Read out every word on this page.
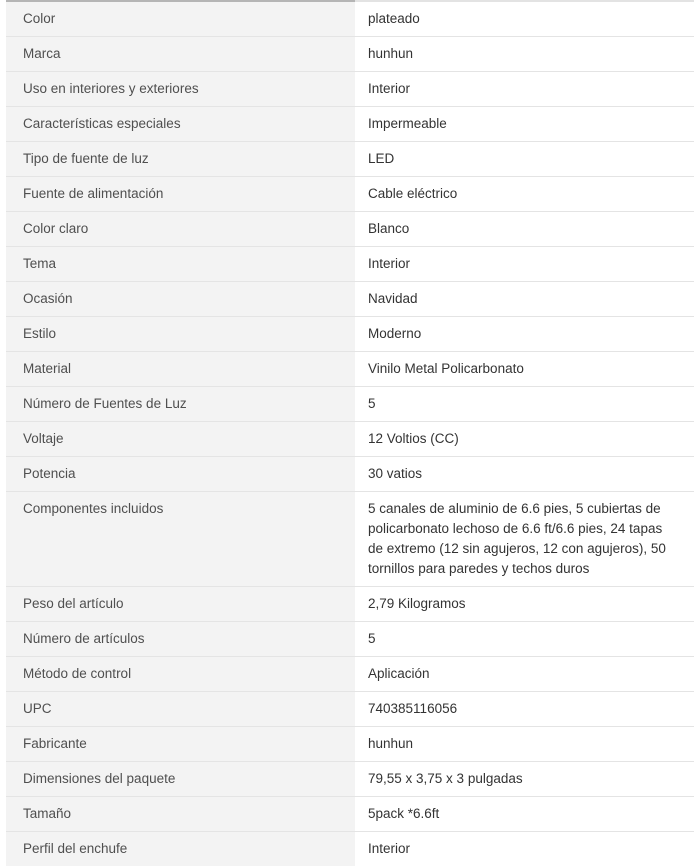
Color	plateado
Marca	hunhun
Uso en interiores y exteriores	Interior
Características especiales	Impermeable
Tipo de fuente de luz	LED
Fuente de alimentación	Cable eléctrico
Color claro	Blanco
Tema	Interior
Ocasión	Navidad
Estilo	Moderno
Material	Vinilo Metal Policarbonato
Número de Fuentes de Luz	5
Voltaje	12 Voltios (CC)
Potencia	30 vatios
Componentes incluidos	5 canales de aluminio de 6.6 pies, 5 cubiertas de policarbonato lechoso de 6.6 ft/6.6 pies, 24 tapas de extremo (12 sin agujeros, 12 con agujeros), 50 tornillos para paredes y techos duros
Peso del artículo	2,79 Kilogramos
Número de artículos	5
Método de control	Aplicación
UPC	740385116056
Fabricante	hunhun
Dimensiones del paquete	79,55 x 3,75 x 3 pulgadas
Tamaño	5pack *6.6ft
Perfil del enchufe	Interior
